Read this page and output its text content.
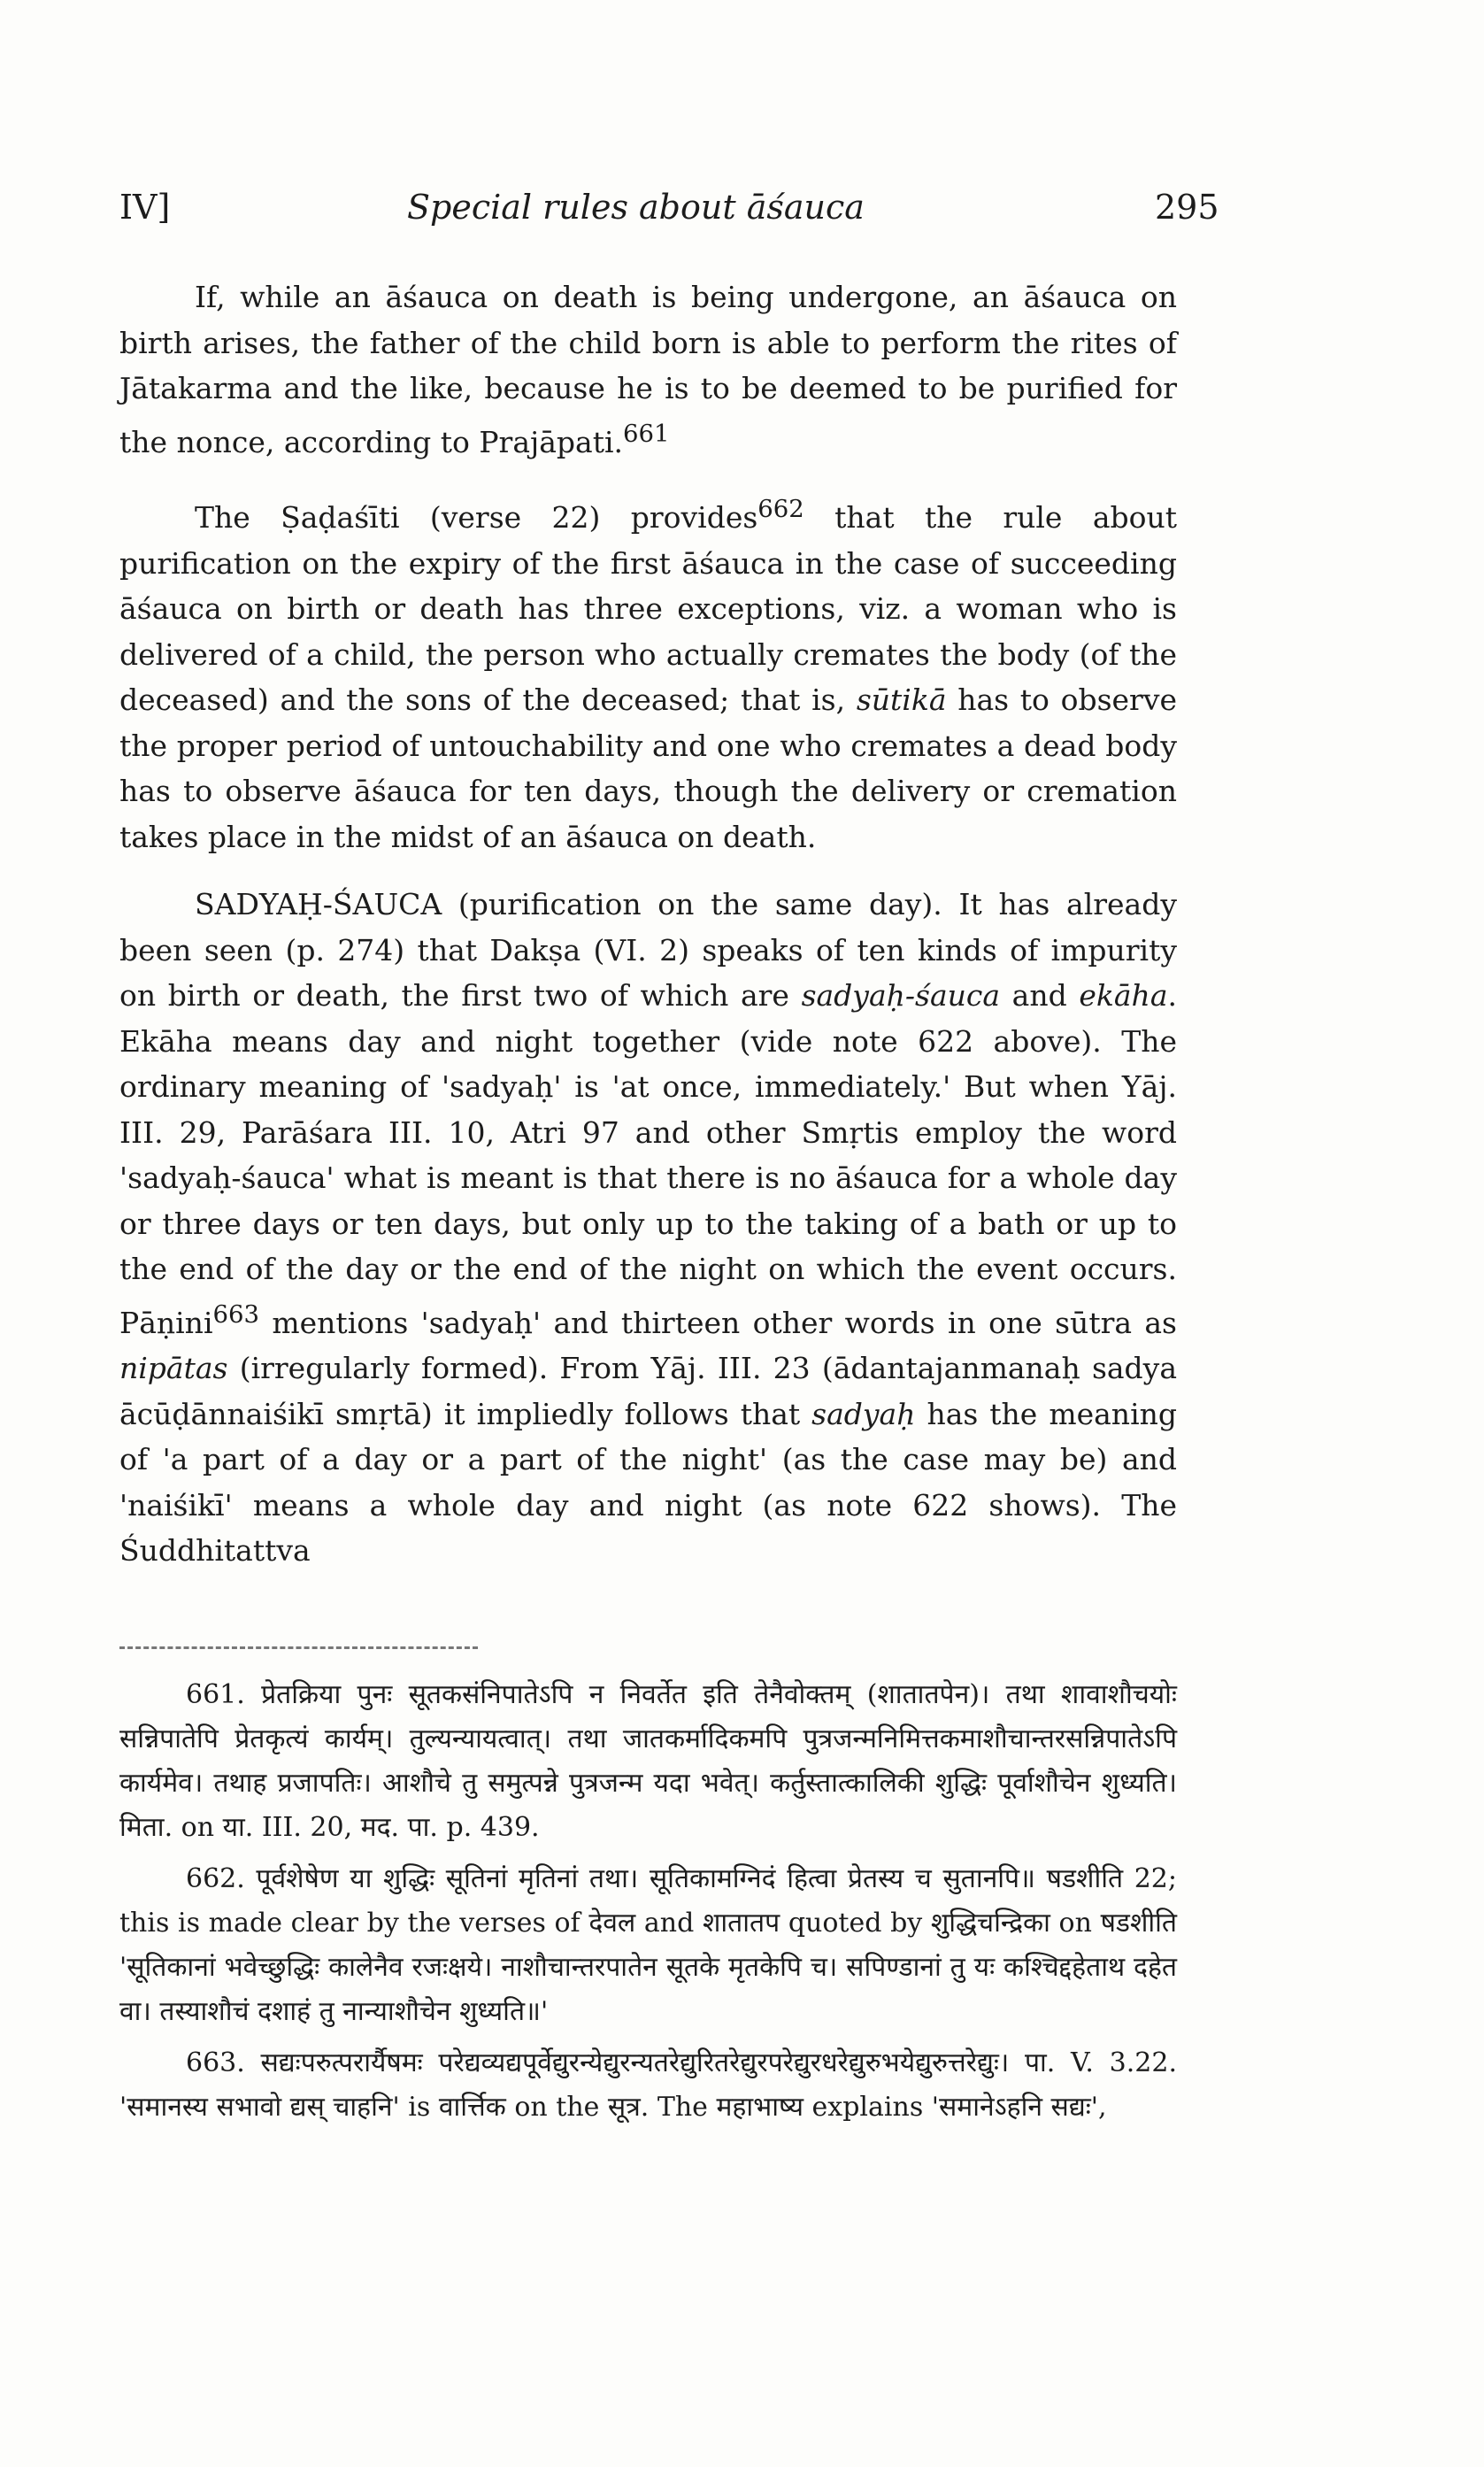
IV]	Special rules about āśauca	295

If, while an āśauca on death is being undergone, an āśauca on birth arises, the father of the child born is able to perform the rites of Jātakarma and the like, because he is to be deemed to be purified for the nonce, according to Prajāpati.$^{661}$

The Ṣaḍaśīti (verse 22) provides$^{662}$ that the rule about purification on the expiry of the first āśauca in the case of succeeding āśauca on birth or death has three exceptions, viz. a woman who is delivered of a child, the person who actually cremates the body (of the deceased) and the sons of the deceased; that is, sūtikā has to observe the proper period of untouchability and one who cremates a dead body has to observe āśauca for ten days, though the delivery or cremation takes place in the midst of an āśauca on death.

SADYAḤ-ŚAUCA (purification on the same day). It has already been seen (p. 274) that Dakṣa (VI. 2) speaks of ten kinds of impurity on birth or death, the first two of which are sadyaḥ-śauca and ekāha. Ekāha means day and night together (vide note 622 above). The ordinary meaning of 'sadyaḥ' is 'at once, immediately.' But when Yāj. III. 29, Parāśara III. 10, Atri 97 and other Smṛtis employ the word 'sadyaḥ-śauca' what is meant is that there is no āśauca for a whole day or three days or ten days, but only up to the taking of a bath or up to the end of the day or the end of the night on which the event occurs. Pāṇini$^{663}$ mentions 'sadyaḥ' and thirteen other words in one sūtra as nipātas (irregularly formed). From Yāj. III. 23 (ādantajanmanaḥ sadya ācūḍānnaiśikī smṛtā) it impliedly follows that sadyaḥ has the meaning of 'a part of a day or a part of the night' (as the case may be) and 'naiśikī' means a whole day and night (as note 622 shows). The Śuddhitattva

661. प्रेतक्रिया पुनः सूतकसंनिपातेऽपि न निवर्तेत इति तेनैवोक्तम् (शातातपेन)। तथा शावाशौचयोः सन्निपातेपि प्रेतकृत्यं कार्यम्। तुल्यन्यायत्वात्। तथा जातकर्मादिकमपि पुत्रजन्मनिमित्तकमाशौचान्तरसन्निपातेऽपि कार्यमेव। तथाह प्रजापतिः। आशौचे तु समुत्पन्ने पुत्रजन्म यदा भवेत्। कर्तुस्तात्कालिकी शुद्धिः पूर्वाशौचेन शुध्यति। मिता. on या. III. 20, मद. पा. p. 439.

662. पूर्वशेषेण या शुद्धिः सूतिनां मृतिनां तथा। सूतिकामग्निदं हित्वा प्रेतस्य च सुतानपि॥ षडशीति 22; this is made clear by the verses of देवल and शातातप quoted by शुद्धिचन्द्रिका on षडशीति 'सूतिकानां भवेच्छुद्धिः कालेनैव रजःक्षये। नाशौचान्तरपातेन सूतके मृतकेपि च। सपिण्डानां तु यः कश्चिद्दहेताथ दहेत वा। तस्याशौचं दशाहं तु नान्याशौचेन शुध्यति॥'

663. सद्यःपरुत्परार्यैषमः परेद्यव्यद्यपूर्वेद्युरन्येद्युरन्यतरेद्युरितरेद्युरपरेद्युरधरेद्युरुभयेद्युरुत्तरेद्युः। पा. V. 3.22. 'समानस्य सभावो द्यस् चाहनि' is वार्त्तिक on the सूत्र. The महाभाष्य explains 'समानेऽहनि सद्यः',
